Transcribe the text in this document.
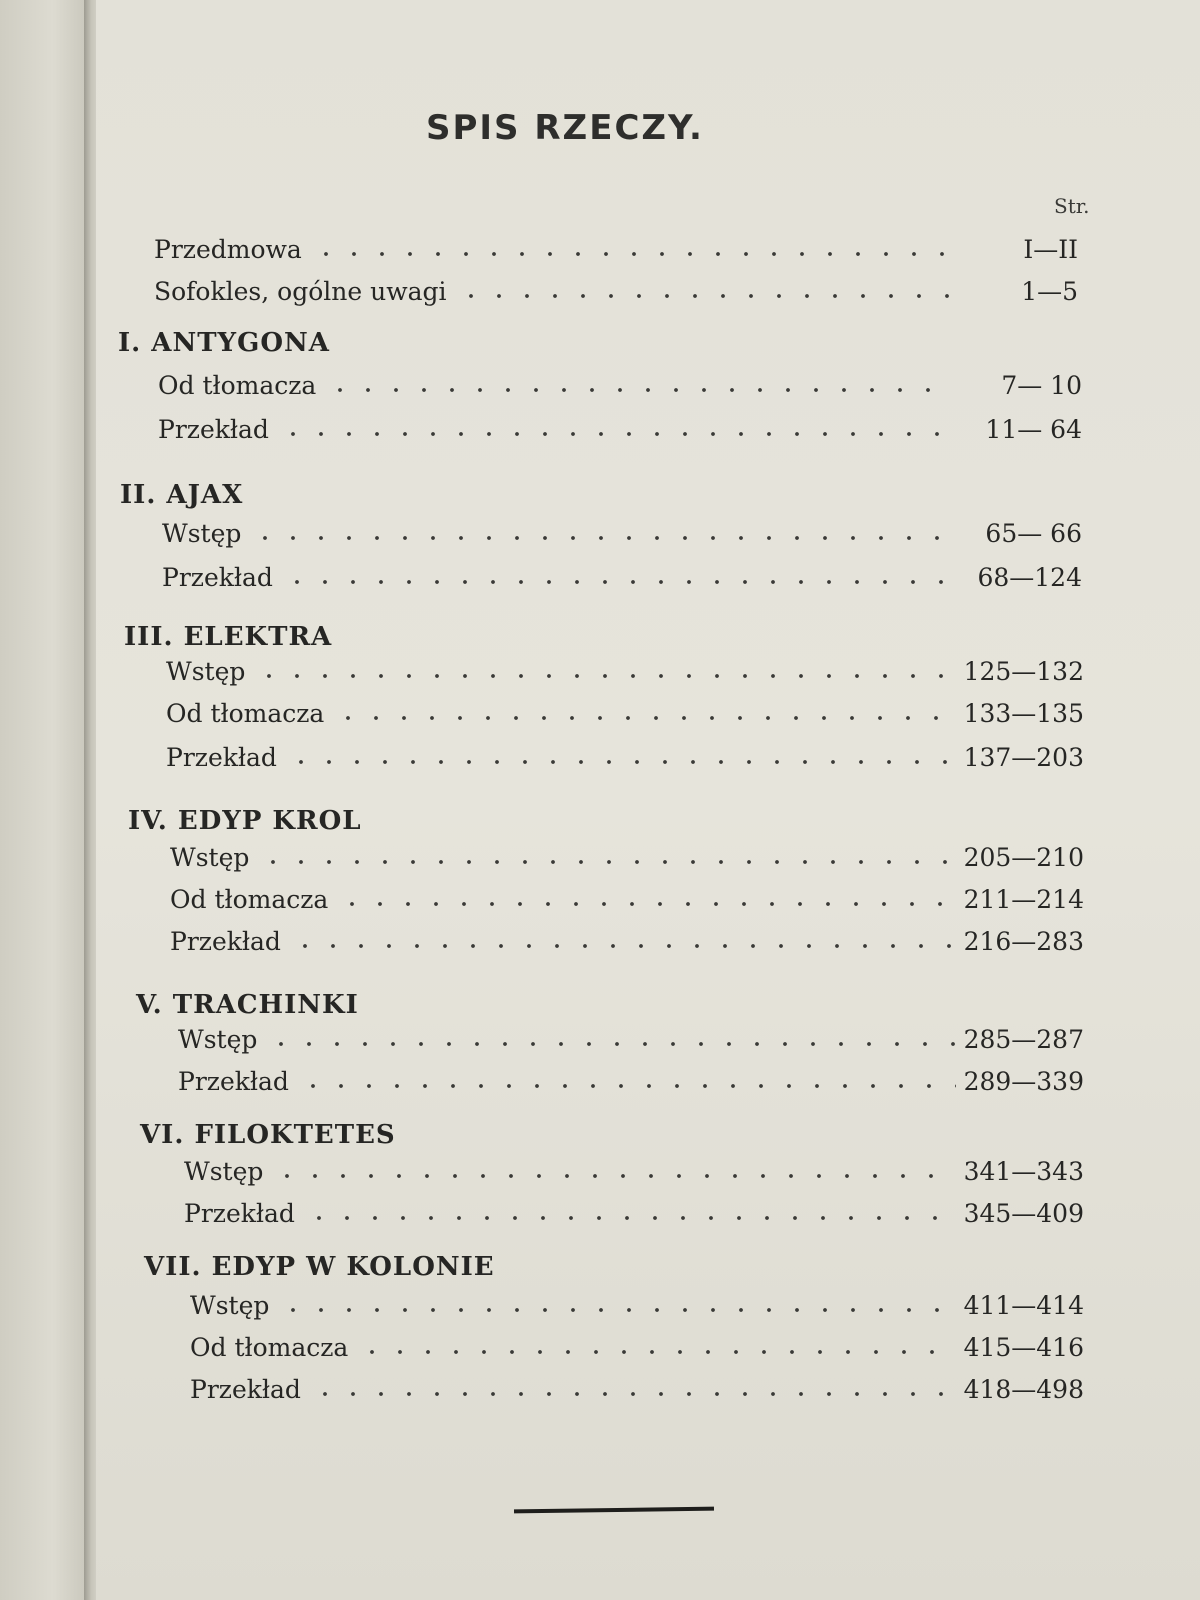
SPIS RZECZY.
Str.
Przedmowa	I—II
Sofokles, ogólne uwagi	1—5
I. ANTYGONA
Od tłomacza	7— 10
Przekład	11— 64
II. AJAX
Wstęp	65— 66
Przekład	68—124
III. ELEKTRA
Wstęp	125—132
Od tłomacza	133—135
Przekład	137—203
IV. EDYP KROL
Wstęp	205—210
Od tłomacza	211—214
Przekład	216—283
V. TRACHINKI
Wstęp	285—287
Przekład	289—339
VI. FILOKTETES
Wstęp	341—343
Przekład	345—409
VII. EDYP W KOLONIE
Wstęp	411—414
Od tłomacza	415—416
Przekład	418—498
